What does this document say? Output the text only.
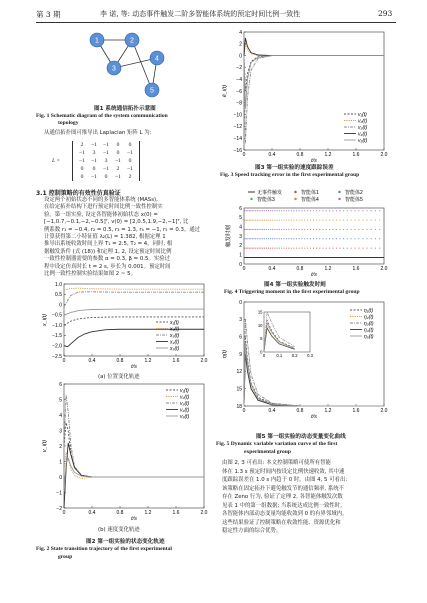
第 3 期	李 诺, 等: 动态事件触发二阶多智能体系统的预定时间比例一致性	293
1	2
3
4
5
图1 系统通信拓扑示意图
Fig. 1 Schematic diagram of the system communication
topology
从通信拓扑图可推导出 Laplacian 矩阵 L 为:
L =
2	−1	−1	0	0
−1	3	−1	0	−1
−1	−1	3	−1	0
0	0	−1	2	−1
0	−1	0	−1	2
3.1 控制策略的有效性仿真验证
设定两个初始状态不同的多智能体系统 (MASs),
在给定拓扑结构下进行预定时间比例一致性控制实
验。第一组实验, 设定各智能体初始状态 x(0) =
[−1,0.7,−0.1,−2,−0.5]ᵀ, v(0) = [2,0.5,1.9,−2,−1]ᵀ, 比
例系数 r₁ = −0.4, r₂ = 0.5, r₃ = 1.3, r₄ = −1, r₅ = 0.3。通过
计算获得第二小特征值 λ₂(L) = 1.382, 根据定理 1
推导出系统收敛时间上界 T₁ = 2.5, T₂ = 4。同时, 根
据触发条件 (式 (18)) 和定理 1, 2, 设定预定时间比例
一致性控制器需要的参数 α = 0.3, β = 0.5。实验过
程中设定仿真时长 t = 2 s, 步长为 0.001。预定时间
比例一致性控制实验结果如图 2 ~ 5。
0	0.4	0.8	1.2	1.6	2.0
1.0
0.5
0
−0.5
−1.0
−1.5
−2.0
−2.5
t/s
x_i(t)	x₁(t)
x₂(t)
x₃(t)
x₄(t)
x₅(t)
(a) 位置变化轨迹
0	0.4	0.8	1.2	1.6	2.0
6
5
4
3
2
1
0
−1
−2
t/s
v_i(t)
v₁(t)
v₂(t)
v₃(t)
v₄(t)
v₅(t)
(b) 速度变化轨迹
图2 第一组实验的状态变化轨迹
Fig. 2 State transition trajectory of the first experimental
group
0	0.4	0.8	1.2	1.6	2.0
4
2
0
−2
−4
−6
−8
−10
−12
−14
−16
t/s
ē_i(t)
v₁(t)
v₂(t)
v₃(t)
v₄(t)
v₅(t)
图3 第一组实验的速度跟踪误差
Fig. 3 Speed tracking error in the first experimental group
0	0.4	0.8	1.2	1.6	2.0
0
1
2
3
4
5
6
t/s
触发时刻
无事件触发	智能体1	智能体2
智能体3	智能体4	智能体5
图4 第一组实验触发时刻
Fig. 4 Triggering moment in the first experimental group
0	0.4	0.8	1.2	1.6	2.0
0
3
6
9
12
15
18
t/s
η(t)
η₁(t)
η₂(t)
η₃(t)
η₄(t)
η₅(t)
0	0.1 0.2 0.3
0
5
10
15
图5 第一组实验的动态变量变化曲线
Fig. 5 Dynamic variable variation curve of the first
experimental group
由图 2, 3 可看出: 本文控制策略可使所有智能
体在 1.3 s 预定时间内按设定比例快速收敛, 其中速
度跟踪误差在 1.0 s 内趋于 0 时。由图 4, 5 可看出:
该策略在固定拓扑下避免触发节的通信频率, 系统不
存在 Zeno 行为, 验证了定理 2, 各智能体触发次数
见表 1 中的第一组数据; 当系统达成比例一致性时,
各智能体内部动态变量均能收敛到 0 的有界邻域内。
这些结果验证了控制策略在收敛性能、资源优化和
稳定性方面的综合优势。
